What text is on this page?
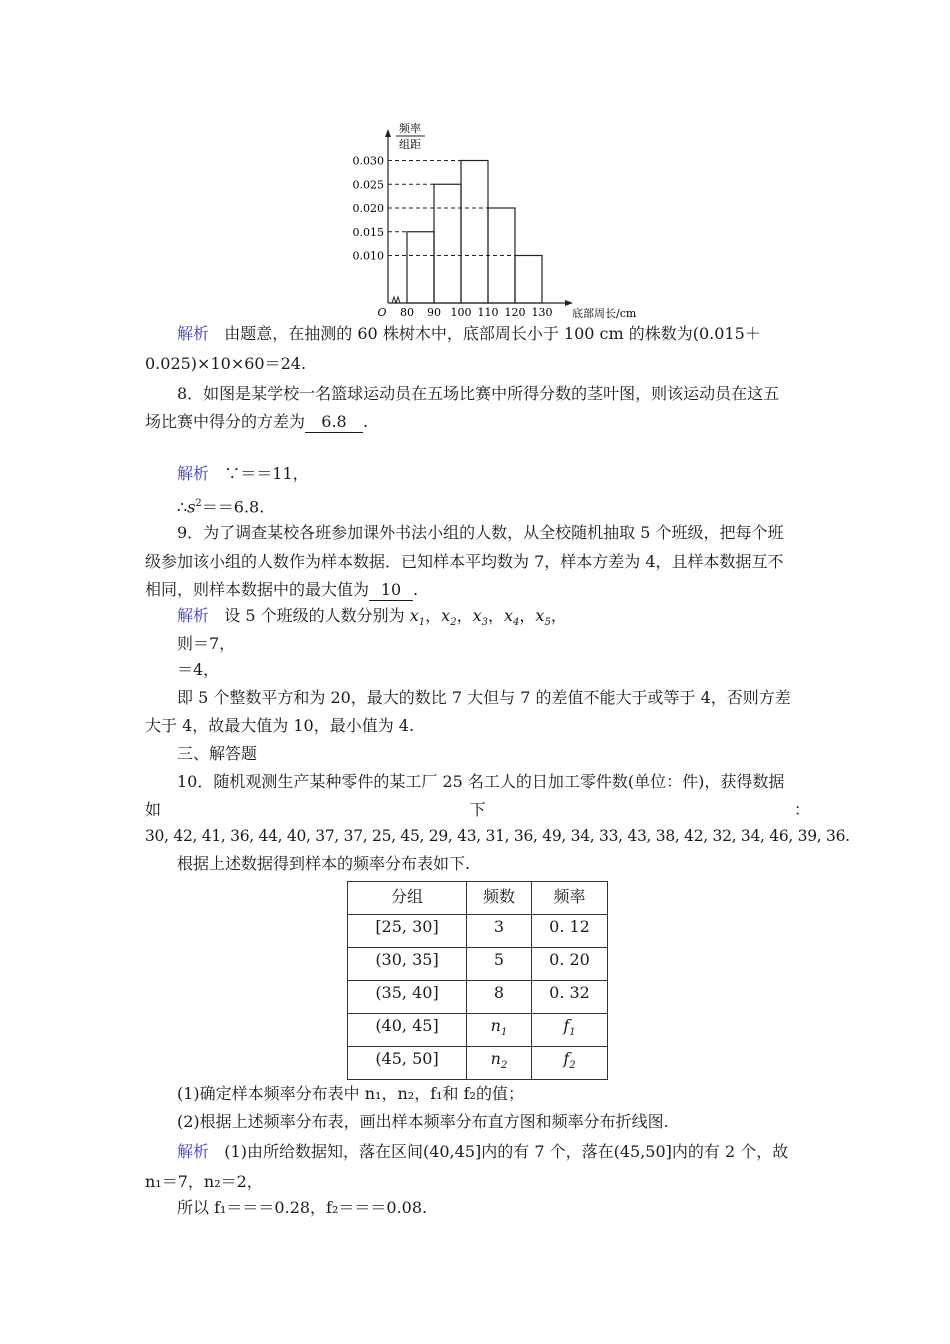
频率
组距
0.030
0.025
0.020
0.015
0.010
80 90 100 110 120 130
O	底部周长/cm
解析 由题意，在抽测的 60 株树木中，底部周长小于 100 cm 的株数为(0.015＋
0.025)×10×60＝24.
8．如图是某学校一名篮球运动员在五场比赛中所得分数的茎叶图，则该运动员在这五
场比赛中得分的方差为 6.8 .
解析 ∵＝＝11，
$\therefore s^2==6.8$.
9．为了调查某校各班参加课外书法小组的人数，从全校随机抽取 5 个班级，把每个班
级参加该小组的人数作为样本数据．已知样本平均数为 7，样本方差为 4，且样本数据互不
相同，则样本数据中的最大值为 10 .
解析 设 5 个班级的人数分别为 $x_1$，$x_2$，$x_3$，$x_4$，$x_5$，
则＝7，
＝4，
即 5 个整数平方和为 20，最大的数比 7 大但与 7 的差值不能大于或等于 4，否则方差
大于 4，故最大值为 10，最小值为 4.
三、解答题
10．随机观测生产某种零件的某工厂 25 名工人的日加工零件数(单位：件)，获得数据
如	下	：
30, 42, 41, 36, 44, 40, 37, 37, 25, 45, 29, 43, 31, 36, 49, 34, 33, 43, 38, 42, 32, 34, 46, 39, 36.
根据上述数据得到样本的频率分布表如下.
分组	频数	频率
[25, 30]	3	0. 12
(30, 35]	5	0. 20
(35, 40]	8	0. 32
(40, 45]	$n_1$	$f_1$
(45, 50]	$n_2$	$f_2$
(1)确定样本频率分布表中 n₁，n₂，f₁和 f₂的值；
(2)根据上述频率分布表，画出样本频率分布直方图和频率分布折线图.
解析 (1)由所给数据知，落在区间(40,45]内的有 7 个，落在(45,50]内的有 2 个，故
n₁＝7，n₂＝2，
所以 f₁＝＝＝0.28，f₂＝＝＝0.08.
